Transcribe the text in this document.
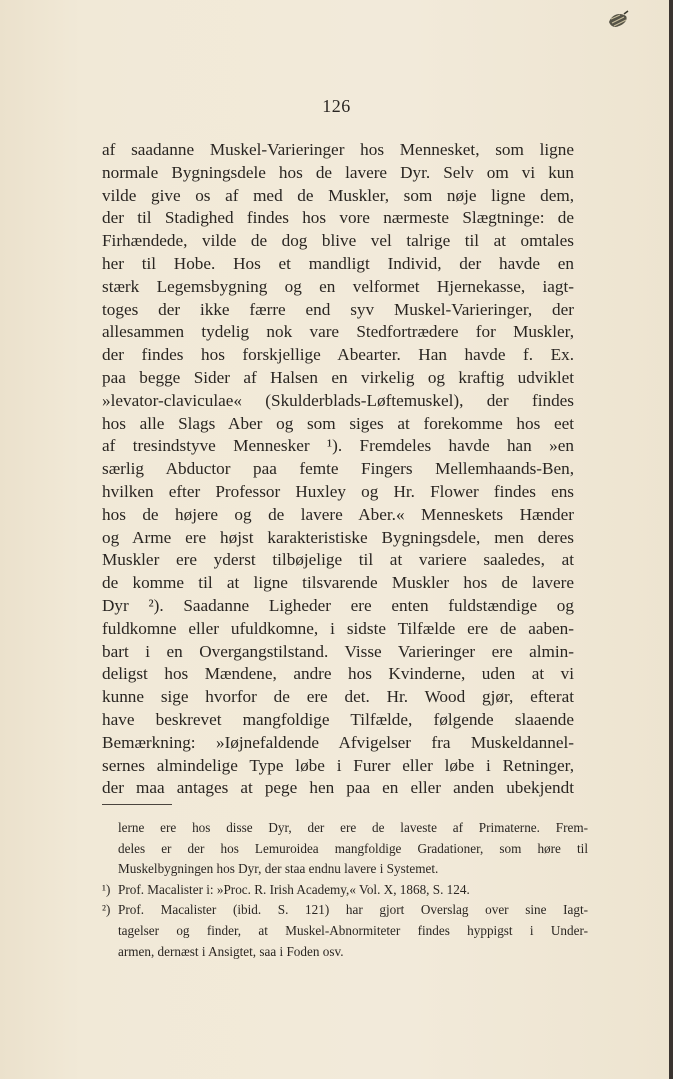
126
af saadanne Muskel-Varieringer hos Mennesket, som ligne
normale Bygningsdele hos de lavere Dyr. Selv om vi kun
vilde give os af med de Muskler, som nøje ligne dem,
der til Stadighed findes hos vore nærmeste Slægtninge: de
Firhændede, vilde de dog blive vel talrige til at omtales
her til Hobe. Hos et mandligt Individ, der havde en
stærk Legemsbygning og en velformet Hjernekasse, iagt-
toges der ikke færre end syv Muskel-Varieringer, der
allesammen tydelig nok vare Stedfortrædere for Muskler,
der findes hos forskjellige Abearter. Han havde f. Ex.
paa begge Sider af Halsen en virkelig og kraftig udviklet
»levator-claviculae« (Skulderblads-Løftemuskel), der findes
hos alle Slags Aber og som siges at forekomme hos eet
af tresindstyve Mennesker ¹). Fremdeles havde han »en
særlig Abductor paa femte Fingers Mellemhaands-Ben,
hvilken efter Professor Huxley og Hr. Flower findes ens
hos de højere og de lavere Aber.« Menneskets Hænder
og Arme ere højst karakteristiske Bygningsdele, men deres
Muskler ere yderst tilbøjelige til at variere saaledes, at
de komme til at ligne tilsvarende Muskler hos de lavere
Dyr ²). Saadanne Ligheder ere enten fuldstændige og
fuldkomne eller ufuldkomne, i sidste Tilfælde ere de aaben-
bart i en Overgangstilstand. Visse Varieringer ere almin-
deligst hos Mændene, andre hos Kvinderne, uden at vi
kunne sige hvorfor de ere det. Hr. Wood gjør, efterat
have beskrevet mangfoldige Tilfælde, følgende slaaende
Bemærkning: »Iøjnefaldende Afvigelser fra Muskeldannel-
sernes almindelige Type løbe i Furer eller løbe i Retninger,
der maa antages at pege hen paa en eller anden ubekjendt
lerne ere hos disse Dyr, der ere de laveste af Primaterne. Frem-
deles er der hos Lemuroidea mangfoldige Gradationer, som høre til
Muskelbygningen hos Dyr, der staa endnu lavere i Systemet.
¹) Prof. Macalister i: »Proc. R. Irish Academy,« Vol. X, 1868, S. 124.
²) Prof. Macalister (ibid. S. 121) har gjort Overslag over sine Iagt-
tagelser og finder, at Muskel-Abnormiteter findes hyppigst i Under-
armen, dernæst i Ansigtet, saa i Foden osv.
